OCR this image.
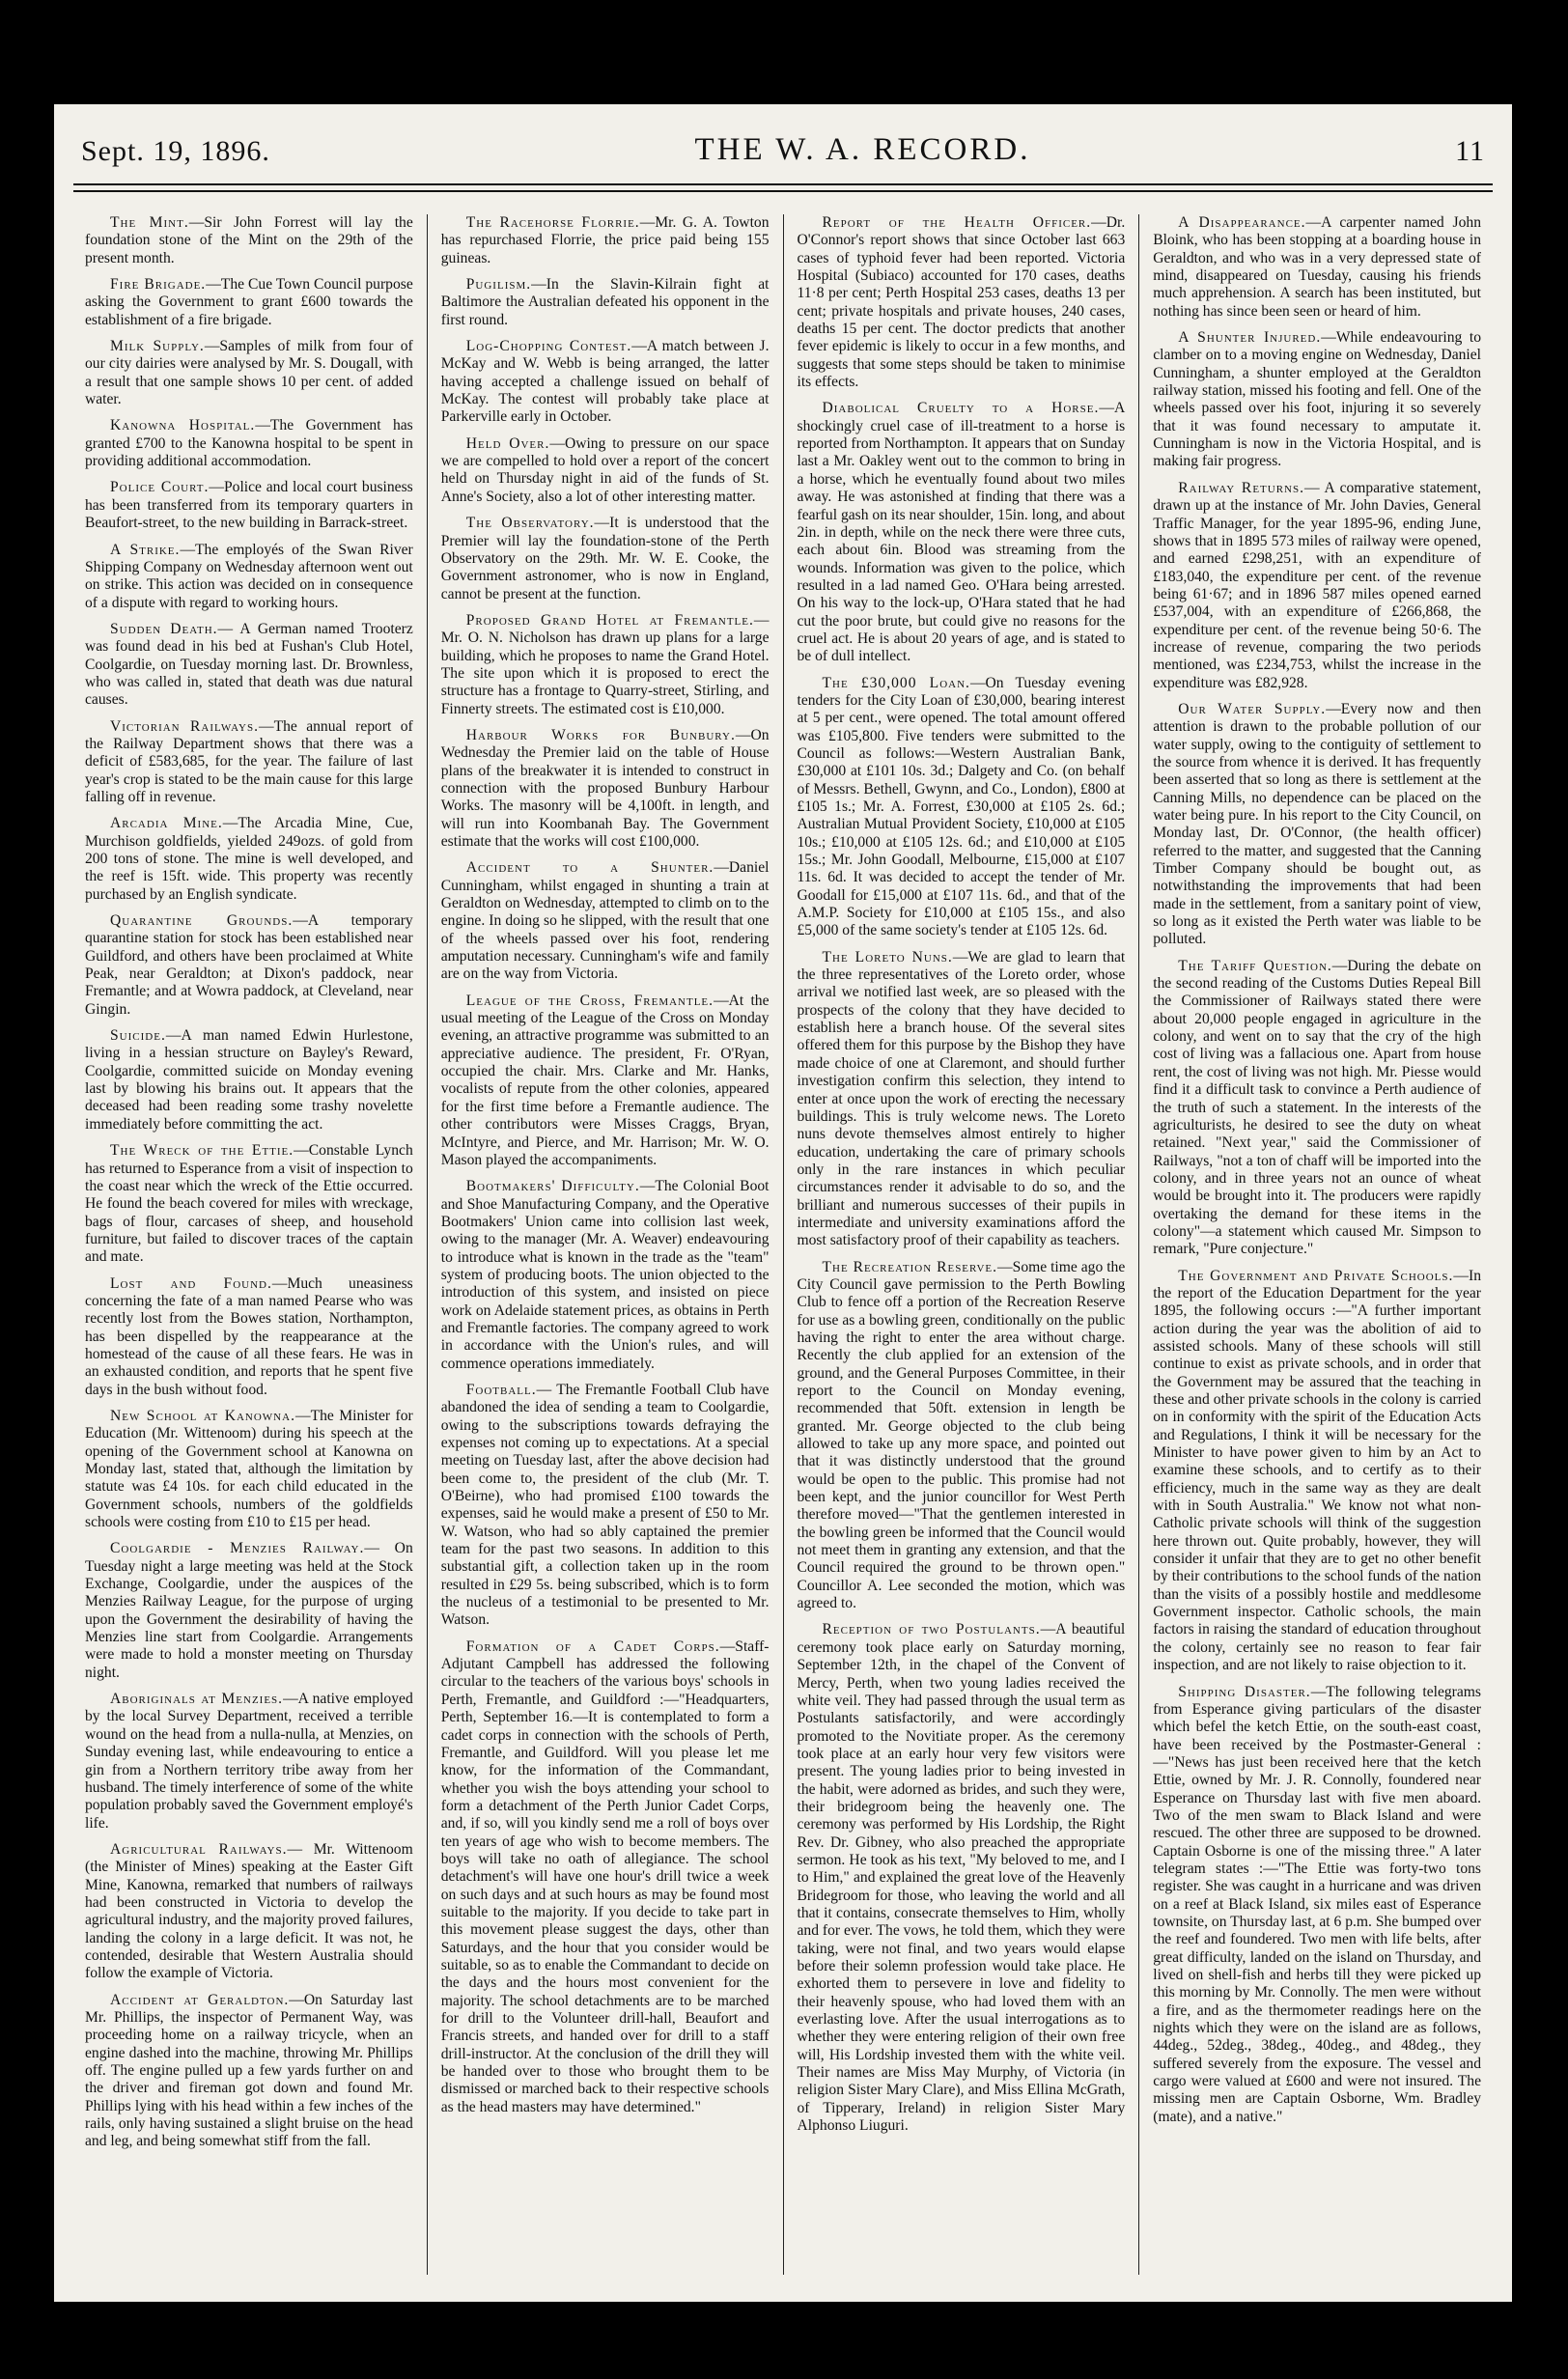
Sept. 19, 1896.	THE W. A. RECORD.	11

The Mint.—Sir John Forrest will lay the foundation stone of the Mint on the 29th of the present month.

Fire Brigade.—The Cue Town Council purpose asking the Government to grant £600 towards the establishment of a fire brigade.

Milk Supply.—Samples of milk from four of our city dairies were analysed by Mr. S. Dougall, with a result that one sample shows 10 per cent. of added water.

Kanowna Hospital.—The Government has granted £700 to the Kanowna hospital to be spent in providing additional accommodation.

Police Court.—Police and local court business has been transferred from its temporary quarters in Beaufort-street, to the new building in Barrack-street.

A Strike.—The employés of the Swan River Shipping Company on Wednesday afternoon went out on strike. This action was decided on in consequence of a dispute with regard to working hours.

Sudden Death.— A German named Trooterz was found dead in his bed at Fushan's Club Hotel, Coolgardie, on Tuesday morning last. Dr. Brownless, who was called in, stated that death was due natural causes.

Victorian Railways.—The annual report of the Railway Department shows that there was a deficit of £583,685, for the year. The failure of last year's crop is stated to be the main cause for this large falling off in revenue.

Arcadia Mine.—The Arcadia Mine, Cue, Murchison goldfields, yielded 249ozs. of gold from 200 tons of stone. The mine is well developed, and the reef is 15ft. wide. This property was recently purchased by an English syndicate.

Quarantine Grounds.—A temporary quarantine station for stock has been established near Guildford, and others have been proclaimed at White Peak, near Geraldton; at Dixon's paddock, near Fremantle; and at Wowra paddock, at Cleveland, near Gingin.

Suicide.—A man named Edwin Hurlestone, living in a hessian structure on Bayley's Reward, Coolgardie, committed suicide on Monday evening last by blowing his brains out. It appears that the deceased had been reading some trashy novelette immediately before committing the act.

The Wreck of the Ettie.—Constable Lynch has returned to Esperance from a visit of inspection to the coast near which the wreck of the Ettie occurred. He found the beach covered for miles with wreckage, bags of flour, carcases of sheep, and household furniture, but failed to discover traces of the captain and mate.

Lost and Found.—Much uneasiness concerning the fate of a man named Pearse who was recently lost from the Bowes station, Northampton, has been dispelled by the reappearance at the homestead of the cause of all these fears. He was in an exhausted condition, and reports that he spent five days in the bush without food.

New School at Kanowna.—The Minister for Education (Mr. Wittenoom) during his speech at the opening of the Government school at Kanowna on Monday last, stated that, although the limitation by statute was £4 10s. for each child educated in the Government schools, numbers of the goldfields schools were costing from £10 to £15 per head.

Coolgardie - Menzies Railway.— On Tuesday night a large meeting was held at the Stock Exchange, Coolgardie, under the auspices of the Menzies Railway League, for the purpose of urging upon the Government the desirability of having the Menzies line start from Coolgardie. Arrangements were made to hold a monster meeting on Thursday night.

Aboriginals at Menzies.—A native employed by the local Survey Department, received a terrible wound on the head from a nulla-nulla, at Menzies, on Sunday evening last, while endeavouring to entice a gin from a Northern territory tribe away from her husband. The timely interference of some of the white population probably saved the Government employé's life.

Agricultural Railways.— Mr. Wittenoom (the Minister of Mines) speaking at the Easter Gift Mine, Kanowna, remarked that numbers of railways had been constructed in Victoria to develop the agricultural industry, and the majority proved failures, landing the colony in a large deficit. It was not, he contended, desirable that Western Australia should follow the example of Victoria.

Accident at Geraldton.—On Saturday last Mr. Phillips, the inspector of Permanent Way, was proceeding home on a railway tricycle, when an engine dashed into the machine, throwing Mr. Phillips off. The engine pulled up a few yards further on and the driver and fireman got down and found Mr. Phillips lying with his head within a few inches of the rails, only having sustained a slight bruise on the head and leg, and being somewhat stiff from the fall.

The Racehorse Florrie.—Mr. G. A. Towton has repurchased Florrie, the price paid being 155 guineas.

Pugilism.—In the Slavin-Kilrain fight at Baltimore the Australian defeated his opponent in the first round.

Log-Chopping Contest.—A match between J. McKay and W. Webb is being arranged, the latter having accepted a challenge issued on behalf of McKay. The contest will probably take place at Parkerville early in October.

Held Over.—Owing to pressure on our space we are compelled to hold over a report of the concert held on Thursday night in aid of the funds of St. Anne's Society, also a lot of other interesting matter.

The Observatory.—It is understood that the Premier will lay the foundation-stone of the Perth Observatory on the 29th. Mr. W. E. Cooke, the Government astronomer, who is now in England, cannot be present at the function.

Proposed Grand Hotel at Fremantle.—Mr. O. N. Nicholson has drawn up plans for a large building, which he proposes to name the Grand Hotel. The site upon which it is proposed to erect the structure has a frontage to Quarry-street, Stirling, and Finnerty streets. The estimated cost is £10,000.

Harbour Works for Bunbury.—On Wednesday the Premier laid on the table of House plans of the breakwater it is intended to construct in connection with the proposed Bunbury Harbour Works. The masonry will be 4,100ft. in length, and will run into Koombanah Bay. The Government estimate that the works will cost £100,000.

Accident to a Shunter.—Daniel Cunningham, whilst engaged in shunting a train at Geraldton on Wednesday, attempted to climb on to the engine. In doing so he slipped, with the result that one of the wheels passed over his foot, rendering amputation necessary. Cunningham's wife and family are on the way from Victoria.

League of the Cross, Fremantle.—At the usual meeting of the League of the Cross on Monday evening, an attractive programme was submitted to an appreciative audience. The president, Fr. O'Ryan, occupied the chair. Mrs. Clarke and Mr. Hanks, vocalists of repute from the other colonies, appeared for the first time before a Fremantle audience. The other contributors were Misses Craggs, Bryan, McIntyre, and Pierce, and Mr. Harrison; Mr. W. O. Mason played the accompaniments.

Bootmakers' Difficulty.—The Colonial Boot and Shoe Manufacturing Company, and the Operative Bootmakers' Union came into collision last week, owing to the manager (Mr. A. Weaver) endeavouring to introduce what is known in the trade as the "team" system of producing boots. The union objected to the introduction of this system, and insisted on piece work on Adelaide statement prices, as obtains in Perth and Fremantle factories. The company agreed to work in accordance with the Union's rules, and will commence operations immediately.

Football.— The Fremantle Football Club have abandoned the idea of sending a team to Coolgardie, owing to the subscriptions towards defraying the expenses not coming up to expectations. At a special meeting on Tuesday last, after the above decision had been come to, the president of the club (Mr. T. O'Beirne), who had promised £100 towards the expenses, said he would make a present of £50 to Mr. W. Watson, who had so ably captained the premier team for the past two seasons. In addition to this substantial gift, a collection taken up in the room resulted in £29 5s. being subscribed, which is to form the nucleus of a testimonial to be presented to Mr. Watson.

Formation of a Cadet Corps.—Staff-Adjutant Campbell has addressed the following circular to the teachers of the various boys' schools in Perth, Fremantle, and Guildford :—"Headquarters, Perth, September 16.—It is contemplated to form a cadet corps in connection with the schools of Perth, Fremantle, and Guildford. Will you please let me know, for the information of the Commandant, whether you wish the boys attending your school to form a detachment of the Perth Junior Cadet Corps, and, if so, will you kindly send me a roll of boys over ten years of age who wish to become members. The boys will take no oath of allegiance. The school detachment's will have one hour's drill twice a week on such days and at such hours as may be found most suitable to the majority. If you decide to take part in this movement please suggest the days, other than Saturdays, and the hour that you consider would be suitable, so as to enable the Commandant to decide on the days and the hours most convenient for the majority. The school detachments are to be marched for drill to the Volunteer drill-hall, Beaufort and Francis streets, and handed over for drill to a staff drill-instructor. At the conclusion of the drill they will be handed over to those who brought them to be dismissed or marched back to their respective schools as the head masters may have determined."

Report of the Health Officer.—Dr. O'Connor's report shows that since October last 663 cases of typhoid fever had been reported. Victoria Hospital (Subiaco) accounted for 170 cases, deaths 11·8 per cent; Perth Hospital 253 cases, deaths 13 per cent; private hospitals and private houses, 240 cases, deaths 15 per cent. The doctor predicts that another fever epidemic is likely to occur in a few months, and suggests that some steps should be taken to minimise its effects.

Diabolical Cruelty to a Horse.—A shockingly cruel case of ill-treatment to a horse is reported from Northampton. It appears that on Sunday last a Mr. Oakley went out to the common to bring in a horse, which he eventually found about two miles away. He was astonished at finding that there was a fearful gash on its near shoulder, 15in. long, and about 2in. in depth, while on the neck there were three cuts, each about 6in. Blood was streaming from the wounds. Information was given to the police, which resulted in a lad named Geo. O'Hara being arrested. On his way to the lock-up, O'Hara stated that he had cut the poor brute, but could give no reasons for the cruel act. He is about 20 years of age, and is stated to be of dull intellect.

The £30,000 Loan.—On Tuesday evening tenders for the City Loan of £30,000, bearing interest at 5 per cent., were opened. The total amount offered was £105,800. Five tenders were submitted to the Council as follows:—Western Australian Bank, £30,000 at £101 10s. 3d.; Dalgety and Co. (on behalf of Messrs. Bethell, Gwynn, and Co., London), £800 at £105 1s.; Mr. A. Forrest, £30,000 at £105 2s. 6d.; Australian Mutual Provident Society, £10,000 at £105 10s.; £10,000 at £105 12s. 6d.; and £10,000 at £105 15s.; Mr. John Goodall, Melbourne, £15,000 at £107 11s. 6d. It was decided to accept the tender of Mr. Goodall for £15,000 at £107 11s. 6d., and that of the A.M.P. Society for £10,000 at £105 15s., and also £5,000 of the same society's tender at £105 12s. 6d.

The Loreto Nuns.—We are glad to learn that the three representatives of the Loreto order, whose arrival we notified last week, are so pleased with the prospects of the colony that they have decided to establish here a branch house. Of the several sites offered them for this purpose by the Bishop they have made choice of one at Claremont, and should further investigation confirm this selection, they intend to enter at once upon the work of erecting the necessary buildings. This is truly welcome news. The Loreto nuns devote themselves almost entirely to higher education, undertaking the care of primary schools only in the rare instances in which peculiar circumstances render it advisable to do so, and the brilliant and numerous successes of their pupils in intermediate and university examinations afford the most satisfactory proof of their capability as teachers.

The Recreation Reserve.—Some time ago the City Council gave permission to the Perth Bowling Club to fence off a portion of the Recreation Reserve for use as a bowling green, conditionally on the public having the right to enter the area without charge. Recently the club applied for an extension of the ground, and the General Purposes Committee, in their report to the Council on Monday evening, recommended that 50ft. extension in length be granted. Mr. George objected to the club being allowed to take up any more space, and pointed out that it was distinctly understood that the ground would be open to the public. This promise had not been kept, and the junior councillor for West Perth therefore moved—"That the gentlemen interested in the bowling green be informed that the Council would not meet them in granting any extension, and that the Council required the ground to be thrown open." Councillor A. Lee seconded the motion, which was agreed to.

Reception of two Postulants.—A beautiful ceremony took place early on Saturday morning, September 12th, in the chapel of the Convent of Mercy, Perth, when two young ladies received the white veil. They had passed through the usual term as Postulants satisfactorily, and were accordingly promoted to the Novitiate proper. As the ceremony took place at an early hour very few visitors were present. The young ladies prior to being invested in the habit, were adorned as brides, and such they were, their bridegroom being the heavenly one. The ceremony was performed by His Lordship, the Right Rev. Dr. Gibney, who also preached the appropriate sermon. He took as his text, "My beloved to me, and I to Him," and explained the great love of the Heavenly Bridegroom for those, who leaving the world and all that it contains, consecrate themselves to Him, wholly and for ever. The vows, he told them, which they were taking, were not final, and two years would elapse before their solemn profession would take place. He exhorted them to persevere in love and fidelity to their heavenly spouse, who had loved them with an everlasting love. After the usual interrogations as to whether they were entering religion of their own free will, His Lordship invested them with the white veil. Their names are Miss May Murphy, of Victoria (in religion Sister Mary Clare), and Miss Ellina McGrath, of Tipperary, Ireland) in religion Sister Mary Alphonso Liuguri.

A Disappearance.—A carpenter named John Bloink, who has been stopping at a boarding house in Geraldton, and who was in a very depressed state of mind, disappeared on Tuesday, causing his friends much apprehension. A search has been instituted, but nothing has since been seen or heard of him.

A Shunter Injured.—While endeavouring to clamber on to a moving engine on Wednesday, Daniel Cunningham, a shunter employed at the Geraldton railway station, missed his footing and fell. One of the wheels passed over his foot, injuring it so severely that it was found necessary to amputate it. Cunningham is now in the Victoria Hospital, and is making fair progress.

Railway Returns.— A comparative statement, drawn up at the instance of Mr. John Davies, General Traffic Manager, for the year 1895-96, ending June, shows that in 1895 573 miles of railway were opened, and earned £298,251, with an expenditure of £183,040, the expenditure per cent. of the revenue being 61·67; and in 1896 587 miles opened earned £537,004, with an expenditure of £266,868, the expenditure per cent. of the revenue being 50·6. The increase of revenue, comparing the two periods mentioned, was £234,753, whilst the increase in the expenditure was £82,928.

Our Water Supply.—Every now and then attention is drawn to the probable pollution of our water supply, owing to the contiguity of settlement to the source from whence it is derived. It has frequently been asserted that so long as there is settlement at the Canning Mills, no dependence can be placed on the water being pure. In his report to the City Council, on Monday last, Dr. O'Connor, (the health officer) referred to the matter, and suggested that the Canning Timber Company should be bought out, as notwithstanding the improvements that had been made in the settlement, from a sanitary point of view, so long as it existed the Perth water was liable to be polluted.

The Tariff Question.—During the debate on the second reading of the Customs Duties Repeal Bill the Commissioner of Railways stated there were about 20,000 people engaged in agriculture in the colony, and went on to say that the cry of the high cost of living was a fallacious one. Apart from house rent, the cost of living was not high. Mr. Piesse would find it a difficult task to convince a Perth audience of the truth of such a statement. In the interests of the agriculturists, he desired to see the duty on wheat retained. "Next year," said the Commissioner of Railways, "not a ton of chaff will be imported into the colony, and in three years not an ounce of wheat would be brought into it. The producers were rapidly overtaking the demand for these items in the colony"—a statement which caused Mr. Simpson to remark, "Pure conjecture."

The Government and Private Schools.—In the report of the Education Department for the year 1895, the following occurs :—"A further important action during the year was the abolition of aid to assisted schools. Many of these schools will still continue to exist as private schools, and in order that the Government may be assured that the teaching in these and other private schools in the colony is carried on in conformity with the spirit of the Education Acts and Regulations, I think it will be necessary for the Minister to have power given to him by an Act to examine these schools, and to certify as to their efficiency, much in the same way as they are dealt with in South Australia." We know not what non-Catholic private schools will think of the suggestion here thrown out. Quite probably, however, they will consider it unfair that they are to get no other benefit by their contributions to the school funds of the nation than the visits of a possibly hostile and meddlesome Government inspector. Catholic schools, the main factors in raising the standard of education throughout the colony, certainly see no reason to fear fair inspection, and are not likely to raise objection to it.

Shipping Disaster.—The following telegrams from Esperance giving particulars of the disaster which befel the ketch Ettie, on the south-east coast, have been received by the Postmaster-General :—"News has just been received here that the ketch Ettie, owned by Mr. J. R. Connolly, foundered near Esperance on Thursday last with five men aboard. Two of the men swam to Black Island and were rescued. The other three are supposed to be drowned. Captain Osborne is one of the missing three." A later telegram states :—"The Ettie was forty-two tons register. She was caught in a hurricane and was driven on a reef at Black Island, six miles east of Esperance townsite, on Thursday last, at 6 p.m. She bumped over the reef and foundered. Two men with life belts, after great difficulty, landed on the island on Thursday, and lived on shell-fish and herbs till they were picked up this morning by Mr. Connolly. The men were without a fire, and as the thermometer readings here on the nights which they were on the island are as follows, 44deg., 52deg., 38deg., 40deg., and 48deg., they suffered severely from the exposure. The vessel and cargo were valued at £600 and were not insured. The missing men are Captain Osborne, Wm. Bradley (mate), and a native."
